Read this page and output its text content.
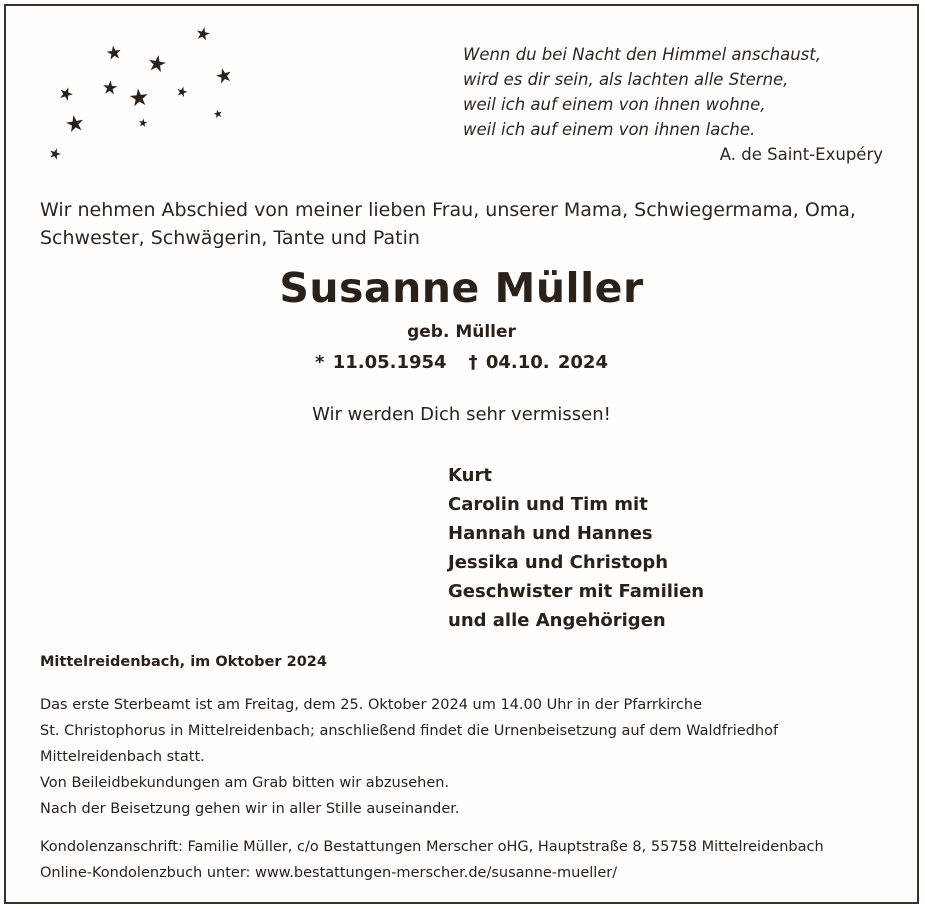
Wenn du bei Nacht den Himmel anschaust,
wird es dir sein, als lachten alle Sterne,
weil ich auf einem von ihnen wohne,
weil ich auf einem von ihnen lache.
A. de Saint-Exupéry
Wir nehmen Abschied von meiner lieben Frau, unserer Mama, Schwiegermama, Oma,
Schwester, Schwägerin, Tante und Patin
Susanne Müller
geb. Müller
* 11.05.1954 † 04.10. 2024
Wir werden Dich sehr vermissen!
Kurt
Carolin und Tim mit
Hannah und Hannes
Jessika und Christoph
Geschwister mit Familien
und alle Angehörigen
Mittelreidenbach, im Oktober 2024
Das erste Sterbeamt ist am Freitag, dem 25. Oktober 2024 um 14.00 Uhr in der Pfarrkirche
St. Christophorus in Mittelreidenbach; anschließend findet die Urnenbeisetzung auf dem Waldfriedhof
Mittelreidenbach statt.
Von Beileidbekundungen am Grab bitten wir abzusehen.
Nach der Beisetzung gehen wir in aller Stille auseinander.
Kondolenzanschrift: Familie Müller, c/o Bestattungen Merscher oHG, Hauptstraße 8, 55758 Mittelreidenbach
Online-Kondolenzbuch unter: www.bestattungen-merscher.de/susanne-mueller/
